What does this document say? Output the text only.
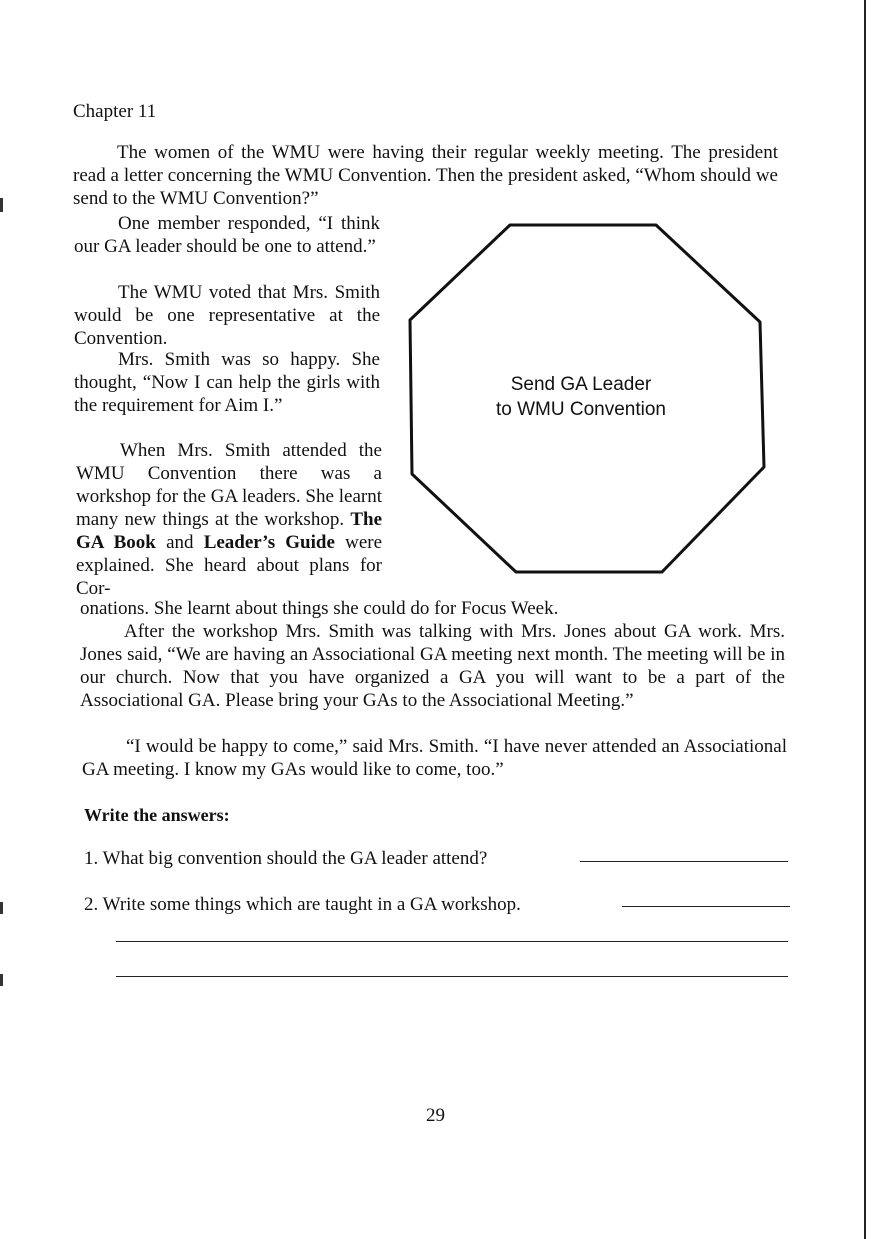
Chapter 11

The women of the WMU were having their regular weekly meeting. The president read a letter concerning the WMU Convention. Then the president asked, “Whom should we send to the WMU Convention?”

One member responded, “I think our GA leader should be one to attend.”

The WMU voted that Mrs. Smith would be one representative at the Convention.

Mrs. Smith was so happy. She thought, “Now I can help the girls with the requirement for Aim I.”

When Mrs. Smith attended the WMU Convention there was a workshop for the GA leaders. She learnt many new things at the workshop. The GA Book and Leader’s Guide were explained. She heard about plans for Cor-

onations. She learnt about things she could do for Focus Week.

After the workshop Mrs. Smith was talking with Mrs. Jones about GA work. Mrs. Jones said, “We are having an Associational GA meeting next month. The meeting will be in our church. Now that you have organized a GA you will want to be a part of the Associational GA. Please bring your GAs to the Associational Meeting.”

“I would be happy to come,” said Mrs. Smith. “I have never attended an Associational GA meeting. I know my GAs would like to come, too.”

Send GA Leader
to WMU Convention
Write the answers:
1. What big convention should the GA leader attend?
2. Write some things which are taught in a GA workshop.
29
